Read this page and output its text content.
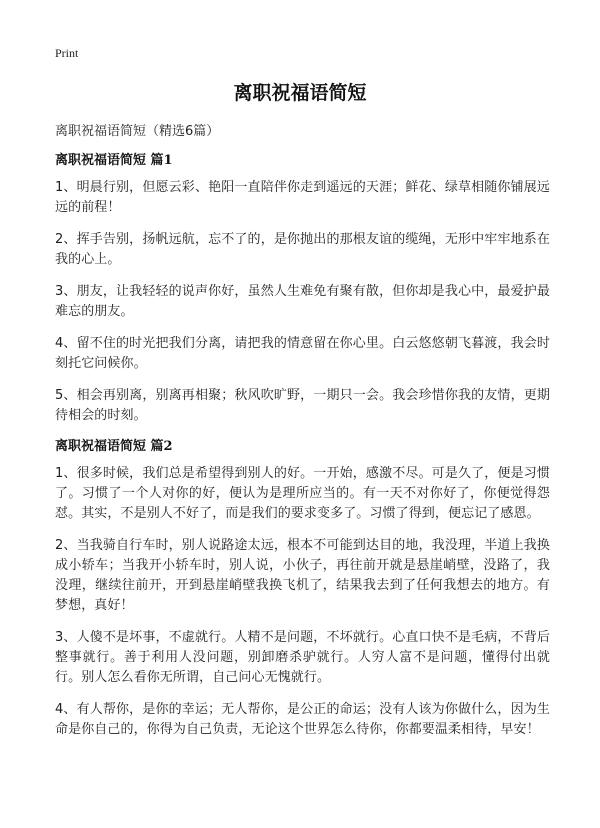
Print
离职祝福语简短
离职祝福语简短（精选6篇）
离职祝福语简短 篇1

1、明晨行别，但愿云彩、艳阳一直陪伴你走到遥远的天涯；鲜花、绿草相随你铺展远远的前程！

2、挥手告别，扬帆远航，忘不了的，是你抛出的那根友谊的缆绳，无形中牢牢地系在我的心上。

3、朋友，让我轻轻的说声你好，虽然人生难免有聚有散，但你却是我心中，最爱护最难忘的朋友。

4、留不住的时光把我们分离，请把我的情意留在你心里。白云悠悠朝飞暮渡，我会时刻托它问候你。

5、相会再别离，别离再相聚；秋风吹旷野，一期只一会。我会珍惜你我的友情，更期待相会的时刻。

离职祝福语简短 篇2

1、很多时候，我们总是希望得到别人的好。一开始，感激不尽。可是久了，便是习惯了。习惯了一个人对你的好，便认为是理所应当的。有一天不对你好了，你便觉得怨怼。其实，不是别人不好了，而是我们的要求变多了。习惯了得到，便忘记了感恩。

2、当我骑自行车时，别人说路途太远，根本不可能到达目的地，我没理，半道上我换成小轿车；当我开小轿车时，别人说，小伙子，再往前开就是悬崖峭壁，没路了，我没理，继续往前开，开到悬崖峭壁我换飞机了，结果我去到了任何我想去的地方。有梦想，真好！

3、人傻不是坏事，不虚就行。人精不是问题，不坏就行。心直口快不是毛病，不背后整事就行。善于利用人没问题，别卸磨杀驴就行。人穷人富不是问题，懂得付出就行。别人怎么看你无所谓，自己问心无愧就行。

4、有人帮你，是你的幸运；无人帮你，是公正的命运；没有人该为你做什么，因为生命是你自己的，你得为自己负责，无论这个世界怎么待你，你都要温柔相待，早安！
